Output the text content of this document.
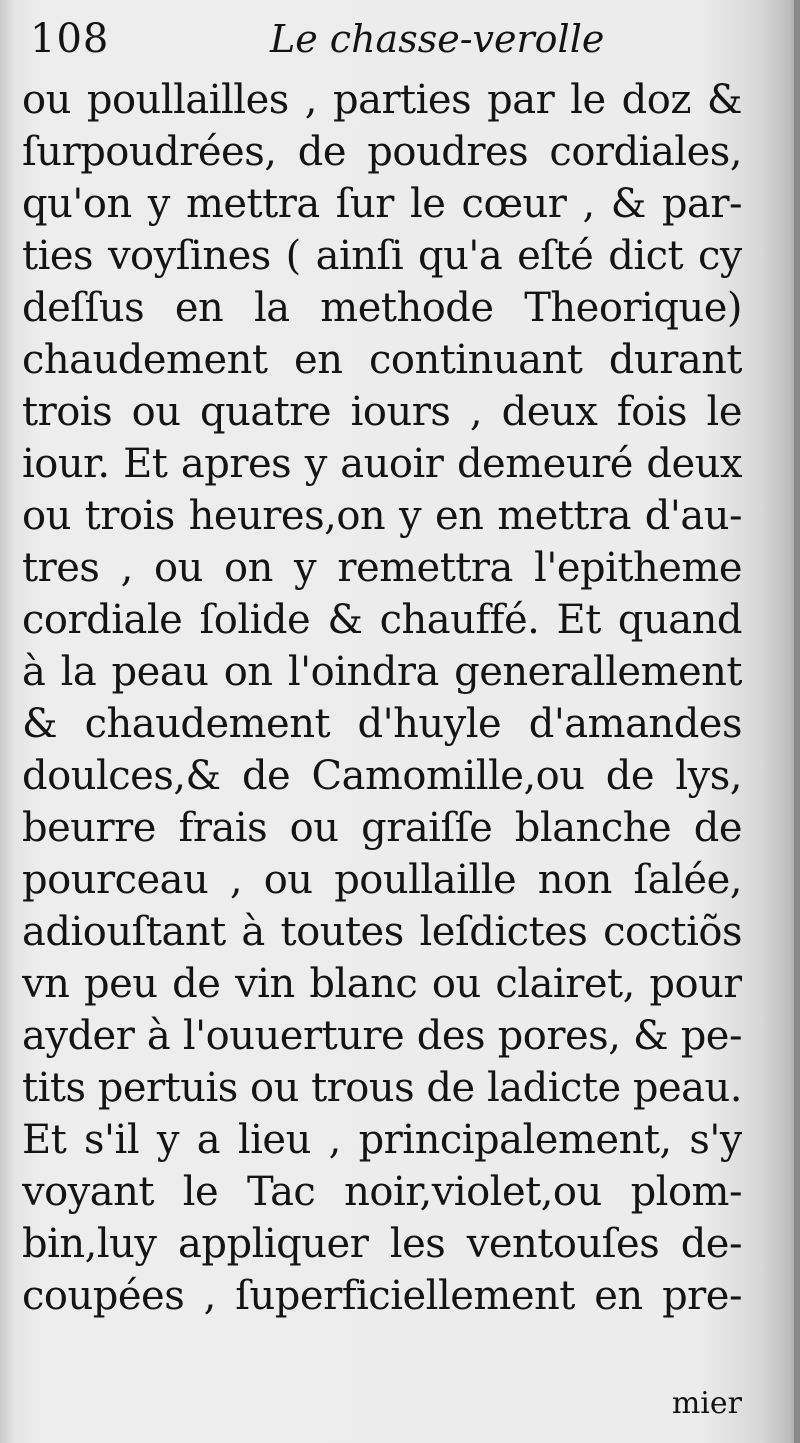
108	Le chasse-verolle
ou poullailles , parties par le doz &
ſurpoudrées, de poudres cordiales,
qu'on y mettra ſur le cœur , & par-
ties voyſines ( ainſi qu'a eſté dict cy
deſſus en la methode Theorique)
chaudement en continuant durant
trois ou quatre iours , deux fois le
iour. Et apres y auoir demeuré deux
ou trois heures,on y en mettra d'au-
tres , ou on y remettra l'epitheme
cordiale ſolide & chauffé. Et quand
à la peau on l'oindra generallement
& chaudement d'huyle d'amandes
doulces,& de Camomille,ou de lys,
beurre frais ou graiſſe blanche de
pourceau , ou poullaille non ſalée,
adiouſtant à toutes leſdictes coctiõs
vn peu de vin blanc ou clairet, pour
ayder à l'ouuerture des pores, & pe-
tits pertuis ou trous de ladicte peau.
Et s'il y a lieu , principalement, s'y
voyant le Tac noir,violet,ou plom-
bin,luy appliquer les ventouſes de-
coupées , ſuperficiellement en pre-
mier
